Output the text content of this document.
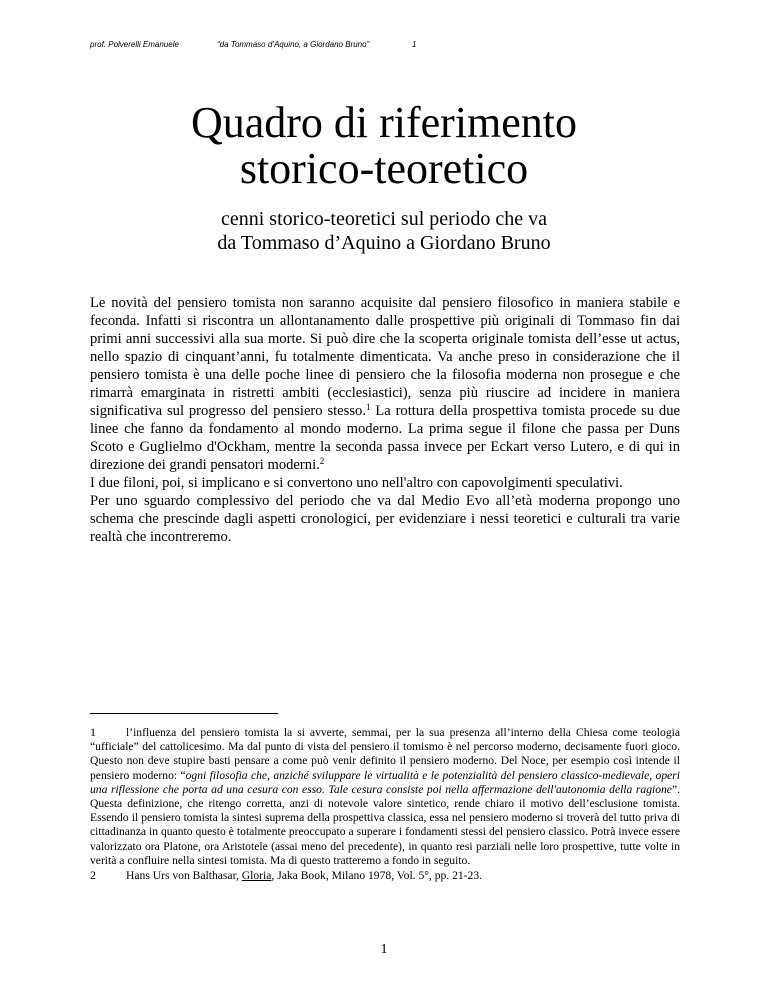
prof. Polverelli Emanuele	“da Tommaso d’Aquino, a Giordano Bruno”	1
Quadro di riferimento
storico-teoretico
cenni storico-teoretici sul periodo che va
da Tommaso d’Aquino a Giordano Bruno

Le novità del pensiero tomista non saranno acquisite dal pensiero filosofico in maniera stabile e feconda. Infatti si riscontra un allontanamento dalle prospettive più originali di Tommaso fin dai primi anni successivi alla sua morte. Si può dire che la scoperta originale tomista dell’esse ut actus, nello spazio di cinquant’anni, fu totalmente dimenticata. Va anche preso in considerazione che il pensiero tomista è una delle poche linee di pensiero che la filosofia moderna non prosegue e che rimarrà emarginata in ristretti ambiti (ecclesiastici), senza più riuscire ad incidere in maniera significativa sul progresso del pensiero stesso.$^1$ La rottura della prospettiva tomista procede su due linee che fanno da fondamento al mondo moderno. La prima segue il filone che passa per Duns Scoto e Guglielmo d'Ockham, mentre la seconda passa invece per Eckart verso Lutero, e di qui in direzione dei grandi pensatori moderni.$^2$

I due filoni, poi, si implicano e si convertono uno nell'altro con capovolgimenti speculativi.

Per uno sguardo complessivo del periodo che va dal Medio Evo all’età moderna propongo uno schema che prescinde dagli aspetti cronologici, per evidenziare i nessi teoretici e culturali tra varie realtà che incontreremo.

1	l’influenza del pensiero tomista la si avverte, semmai, per la sua presenza all’interno della Chiesa come teologia “ufficiale” del cattolicesimo. Ma dal punto di vista del pensiero il tomismo è nel percorso moderno, decisamente fuori gioco. Questo non deve stupire basti pensare a come può venir definito il pensiero moderno. Del Noce, per esempio così intende il pensiero moderno: “ogni filosofia che, anziché sviluppare le virtualità e le potenzialità del pensiero classico-medievale, operi una riflessione che porta ad una cesura con esso. Tale cesura consiste poi nella affermazione dell'autonomia della ragione”. Questa definizione, che ritengo corretta, anzi di notevole valore sintetico, rende chiaro il motivo dell’esclusione tomista. Essendo il pensiero tomista la sintesi suprema della prospettiva classica, essa nel pensiero moderno si troverà del tutto priva di cittadinanza in quanto questo è totalmente preoccupato a superare i fondamenti stessi del pensiero classico. Potrà invece essere valorizzato ora Platone, ora Aristotele (assai meno del precedente), in quanto resi parziali nelle loro prospettive, tutte volte in verità a confluire nella sintesi tomista. Ma di questo tratteremo a fondo in seguito.

2	Hans Urs von Balthasar, Gloria, Jaka Book, Milano 1978, Vol. 5°, pp. 21-23.

1
